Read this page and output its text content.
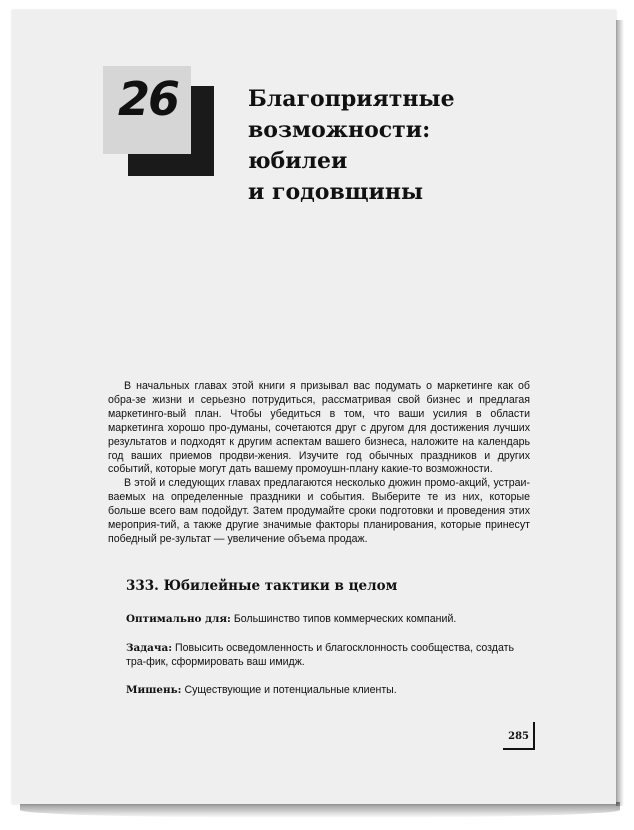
26	Благоприятные
возможности:
юбилеи
и годовщины

В начальных главах этой книги я призывал вас подумать о маркетинге как об обра-зе жизни и серьезно потрудиться, рассматривая свой бизнес и предлагая маркетинго-вый план. Чтобы убедиться в том, что ваши усилия в области маркетинга хорошо про-думаны, сочетаются друг с другом для достижения лучших результатов и подходят к другим аспектам вашего бизнеса, наложите на календарь год ваших приемов продви-жения. Изучите год обычных праздников и других событий, которые могут дать вашему промоушн-плану какие-то возможности.

В этой и следующих главах предлагаются несколько дюжин промо-акций, устраи-ваемых на определенные праздники и события. Выберите те из них, которые больше всего вам подойдут. Затем продумайте сроки подготовки и проведения этих мероприя-тий, а также другие значимые факторы планирования, которые принесут победный ре-зультат — увеличение объема продаж.

333. Юбилейные тактики в целом

Оптимально для: Большинство типов коммерческих компаний.

Задача: Повысить осведомленность и благосклонность сообщества, создать тра-фик, сформировать ваш имидж.

Мишень: Существующие и потенциальные клиенты.

285
